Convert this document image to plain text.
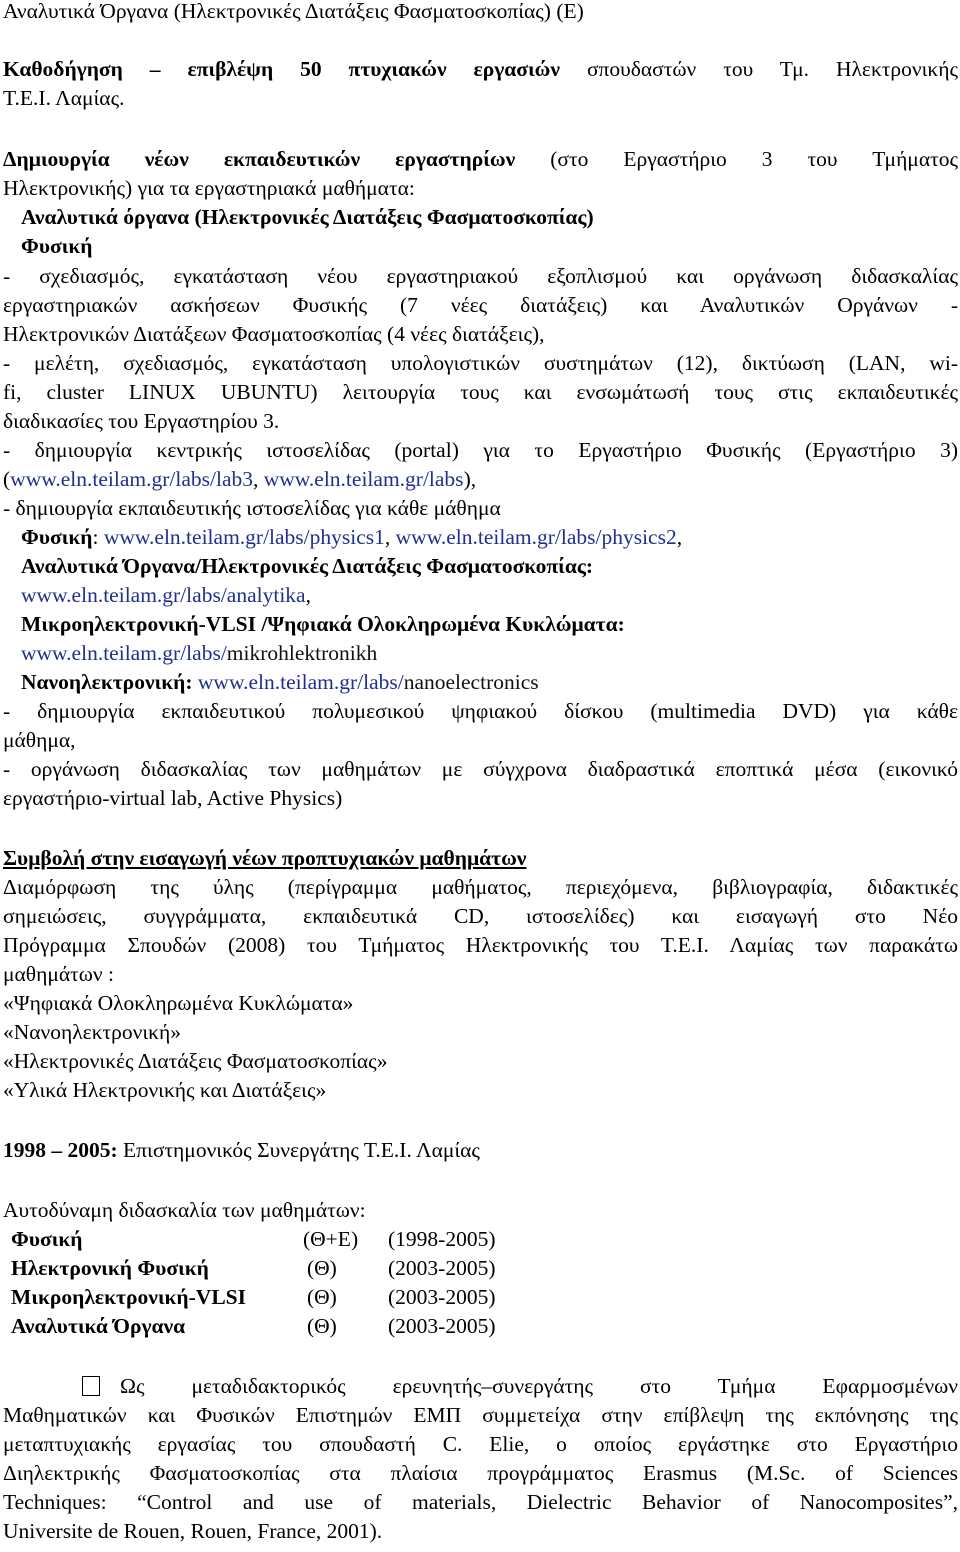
Αναλυτικά Όργανα (Ηλεκτρονικές Διατάξεις Φασματοσκοπίας) (Ε)
Καθοδήγηση – επιβλέψη 50 πτυχιακών εργασιών σπουδαστών του Τμ. Ηλεκτρονικής
Τ.Ε.Ι. Λαμίας.
Δημιουργία νέων εκπαιδευτικών εργαστηρίων (στο Εργαστήριο 3 του Τμήματος
Ηλεκτρονικής) για τα εργαστηριακά μαθήματα:
Αναλυτικά όργανα (Ηλεκτρονικές Διατάξεις Φασματοσκοπίας)
Φυσική
- σχεδιασμός, εγκατάσταση νέου εργαστηριακού εξοπλισμού και οργάνωση διδασκαλίας
εργαστηριακών ασκήσεων Φυσικής (7 νέες διατάξεις) και Αναλυτικών Οργάνων -
Ηλεκτρονικών Διατάξεων Φασματοσκοπίας (4 νέες διατάξεις),
- μελέτη, σχεδιασμός, εγκατάσταση υπολογιστικών συστημάτων (12), δικτύωση (LAN, wi-
fi, cluster LINUX UBUNTU) λειτουργία τους και ενσωμάτωσή τους στις εκπαιδευτικές
διαδικασίες του Εργαστηρίου 3.
- δημιουργία κεντρικής ιστοσελίδας (portal) για το Εργαστήριο Φυσικής (Εργαστήριο 3)
(www.eln.teilam.gr/labs/lab3, www.eln.teilam.gr/labs),
- δημιουργία εκπαιδευτικής ιστοσελίδας για κάθε μάθημα
Φυσική: www.eln.teilam.gr/labs/physics1, www.eln.teilam.gr/labs/physics2,
Αναλυτικά Όργανα/Ηλεκτρονικές Διατάξεις Φασματοσκοπίας:
www.eln.teilam.gr/labs/analytika,
Μικροηλεκτρονική-VLSI /Ψηφιακά Ολοκληρωμένα Κυκλώματα:
www.eln.teilam.gr/labs/mikrohlektronikh
Νανοηλεκτρονική: www.eln.teilam.gr/labs/nanoelectronics
- δημιουργία εκπαιδευτικού πολυμεσικού ψηφιακού δίσκου (multimedia DVD) για κάθε
μάθημα,
- οργάνωση διδασκαλίας των μαθημάτων με σύγχρονα διαδραστικά εποπτικά μέσα (εικονικό
εργαστήριο-virtual lab, Active Physics)
Συμβολή στην εισαγωγή νέων προπτυχιακών μαθημάτων
Διαμόρφωση της ύλης (περίγραμμα μαθήματος, περιεχόμενα, βιβλιογραφία, διδακτικές
σημειώσεις, συγγράμματα, εκπαιδευτικά CD, ιστοσελίδες) και εισαγωγή στο Νέο
Πρόγραμμα Σπουδών (2008) του Τμήματος Ηλεκτρονικής του Τ.Ε.Ι. Λαμίας των παρακάτω
μαθημάτων :
«Ψηφιακά Ολοκληρωμένα Κυκλώματα»
«Νανοηλεκτρονική»
«Ηλεκτρονικές Διατάξεις Φασματοσκοπίας»
«Υλικά Ηλεκτρονικής και Διατάξεις»
1998 – 2005: Επιστημονικός Συνεργάτης Τ.Ε.Ι. Λαμίας
Αυτοδύναμη διδασκαλία των μαθημάτων:
Φυσική	(Θ+Ε) (1998-2005)
Ηλεκτρονική Φυσική	(Θ) (2003-2005)
Μικροηλεκτρονική-VLSI	(Θ) (2003-2005)
Αναλυτικά Όργανα	(Θ) (2003-2005)
Ως μεταδιδακτορικός ερευνητής–συνεργάτης στο Τμήμα Εφαρμοσμένων
Μαθηματικών και Φυσικών Επιστημών ΕΜΠ συμμετείχα στην επίβλεψη της εκπόνησης της
μεταπτυχιακής εργασίας του σπουδαστή C. Elie, ο οποίος εργάστηκε στο Εργαστήριο
Διηλεκτρικής Φασματοσκοπίας στα πλαίσια προγράμματος Erasmus (M.Sc. of Sciences
Techniques: “Control and use of materials, Dielectric Behavior of Nanocomposites”,
Universite de Rouen, Rouen, France, 2001).
